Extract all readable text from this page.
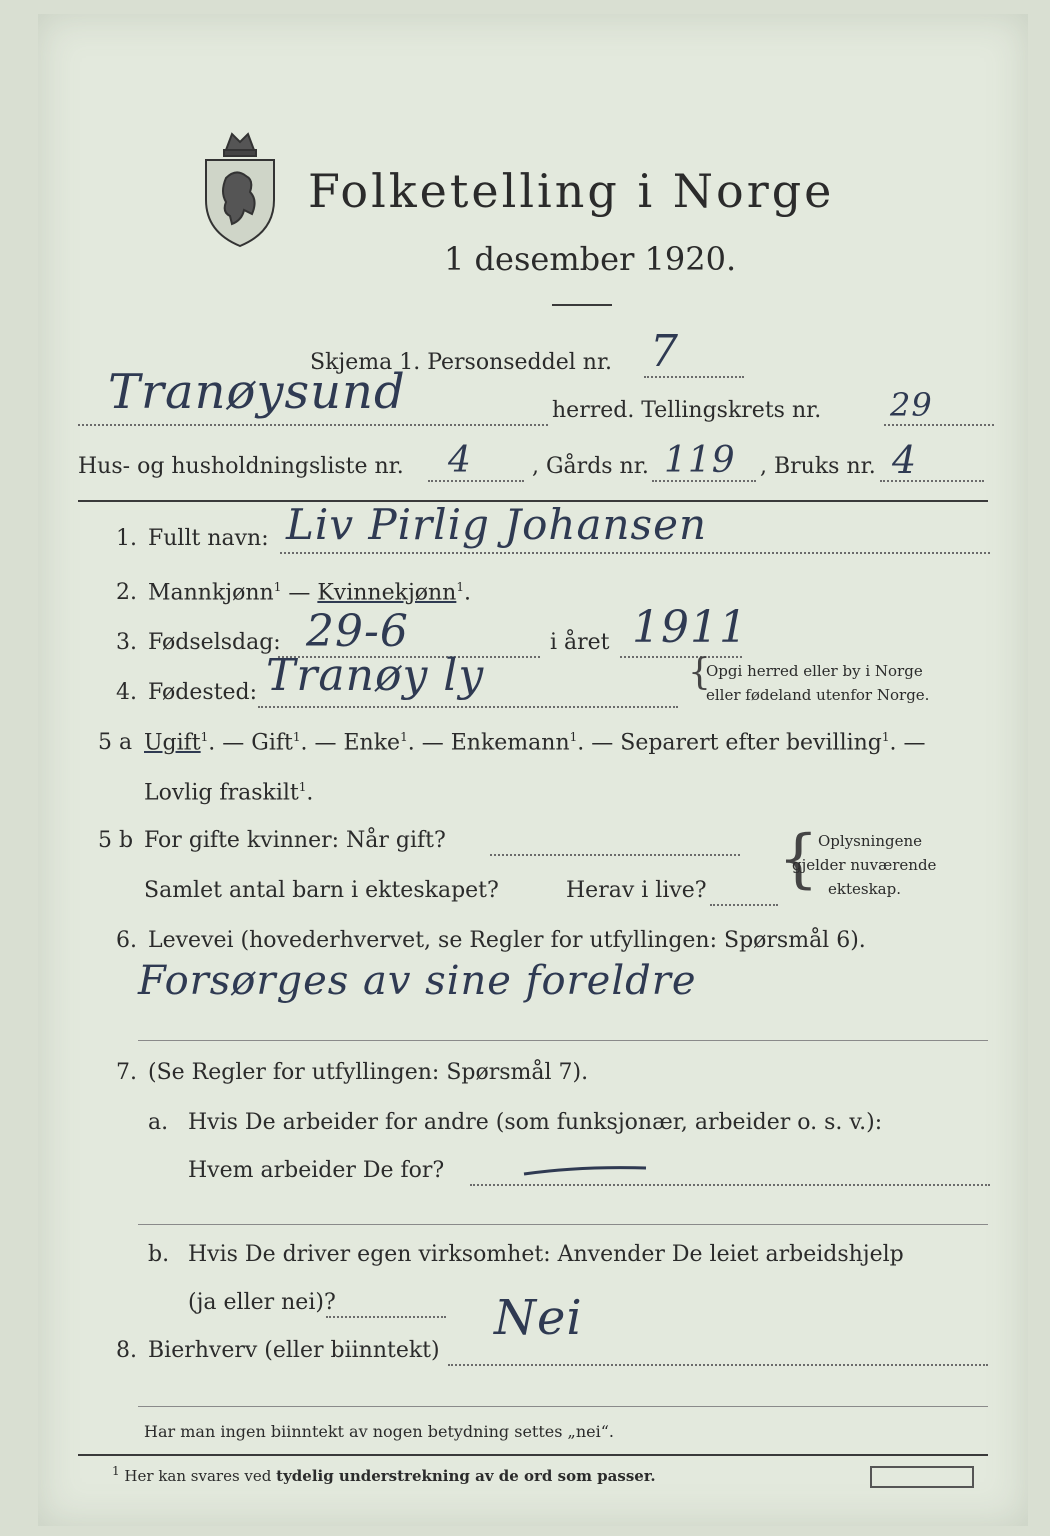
Folketelling i Norge
1 desember 1920.
Skjema 1. Personseddel nr. 7
Tranøysund	herred. Tellingskrets nr. 29
Hus- og husholdningsliste nr. 4	, Gårds nr. 119 , Bruks nr. 4
1. Fullt navn: Liv Pirlig Johansen
2. Mannkjønn$^1$ — Kvinnekjønn$^1$.
3. Fødselsdag: 29-6	i året 1911
4. Fødested: Tranøy ly	{
Opgi herred eller by i Norge
eller fødeland utenfor Norge.
5 a Ugift$^1$. — Gift$^1$. — Enke$^1$. — Enkemann$^1$. — Separert efter bevilling$^1$. —
Lovlig fraskilt$^1$.
5 b For gifte kvinner: Når gift?
Samlet antal barn i ekteskapet?	Herav i live? { Oplysningene
gjelder nuværende
ekteskap.
6. Levevei (hovederhvervet, se Regler for utfyllingen: Spørsmål 6).
Forsørges av sine foreldre
7. (Se Regler for utfyllingen: Spørsmål 7).
a. Hvis De arbeider for andre (som funksjonær, arbeider o. s. v.):
Hvem arbeider De for?
b. Hvis De driver egen virksomhet: Anvender De leiet arbeidshjelp
(ja eller nei)?
8. Bierhverv (eller biinntekt)
Nei
Har man ingen biinntekt av nogen betydning settes „nei“.
$^1$ Her kan svares ved tydelig understrekning av de ord som passer.
